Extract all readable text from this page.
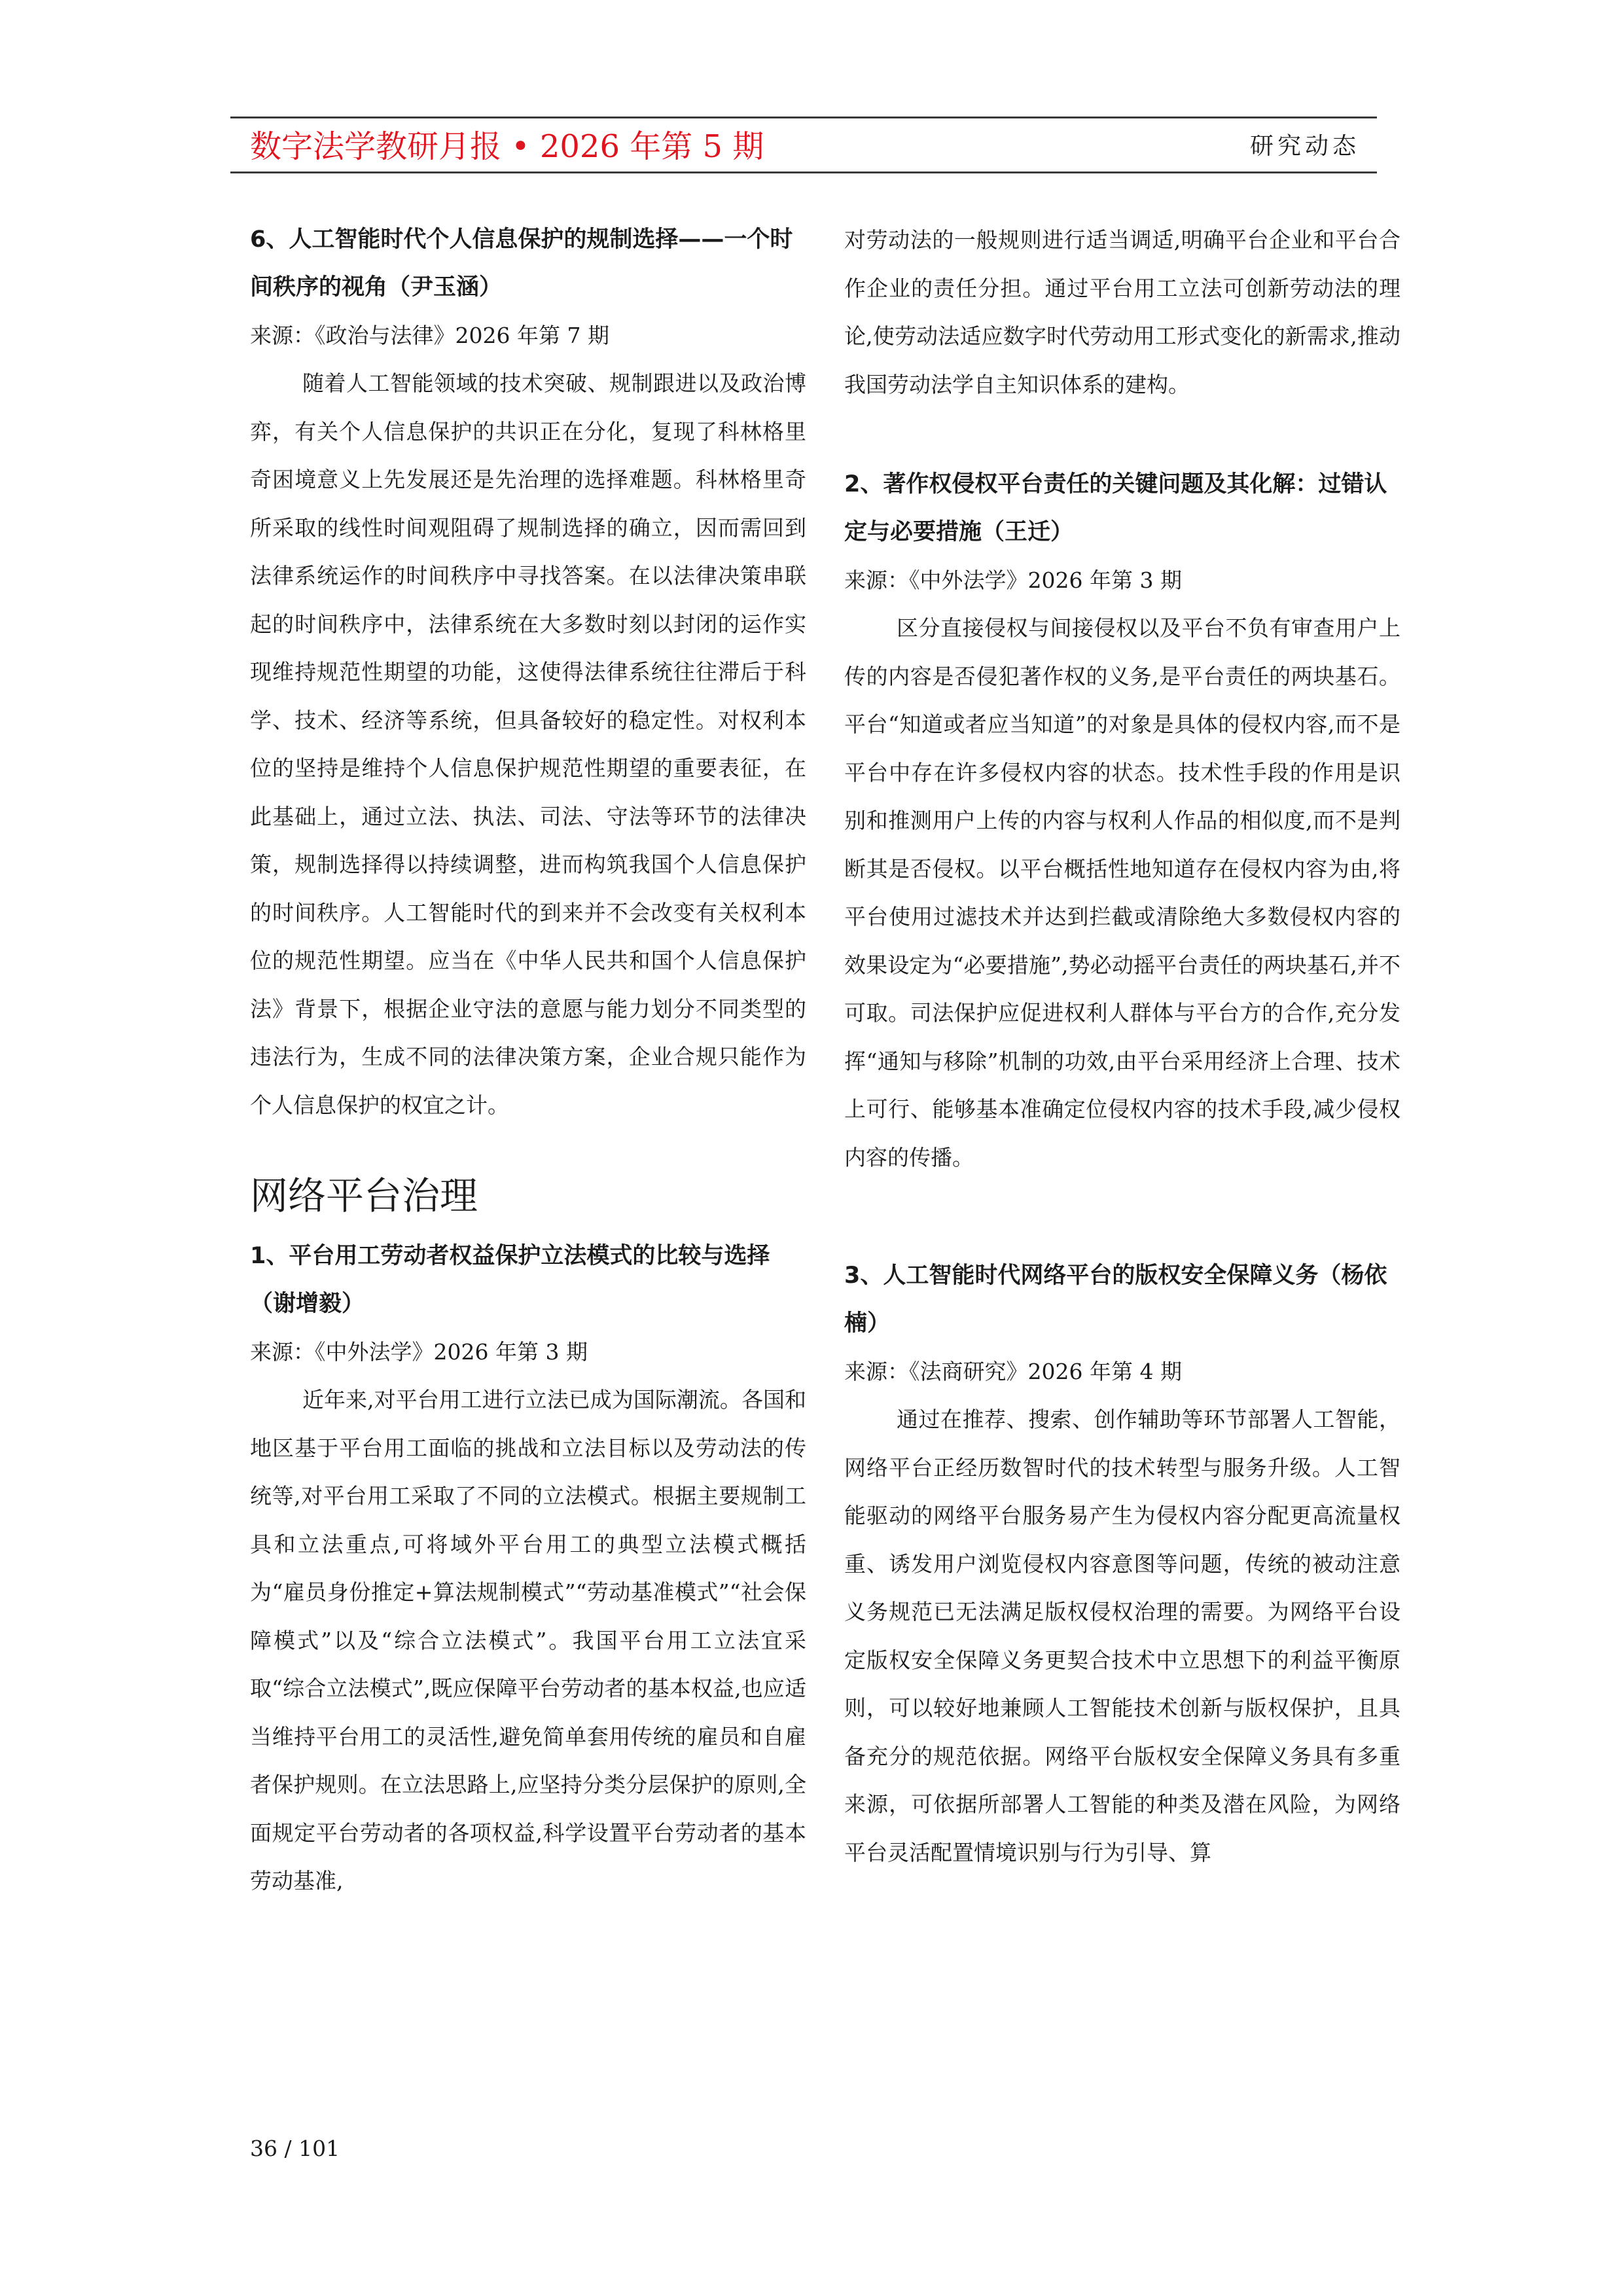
数字法学教研月报 • 2026 年第 5 期	研究动态

6、人工智能时代个人信息保护的规制选择——一个时间秩序的视角（尹玉涵）

来源：《政治与法律》2026 年第 7 期

随着人工智能领域的技术突破、规制跟进以及政治博弈，有关个人信息保护的共识正在分化，复现了科林格里奇困境意义上先发展还是先治理的选择难题。科林格里奇所采取的线性时间观阻碍了规制选择的确立，因而需回到法律系统运作的时间秩序中寻找答案。在以法律决策串联起的时间秩序中，法律系统在大多数时刻以封闭的运作实现维持规范性期望的功能，这使得法律系统往往滞后于科学、技术、经济等系统，但具备较好的稳定性。对权利本位的坚持是维持个人信息保护规范性期望的重要表征，在此基础上，通过立法、执法、司法、守法等环节的法律决策，规制选择得以持续调整，进而构筑我国个人信息保护的时间秩序。人工智能时代的到来并不会改变有关权利本位的规范性期望。应当在《中华人民共和国个人信息保护法》背景下，根据企业守法的意愿与能力划分不同类型的违法行为，生成不同的法律决策方案，企业合规只能作为个人信息保护的权宜之计。

网络平台治理

1、平台用工劳动者权益保护立法模式的比较与选择（谢增毅）

来源：《中外法学》2026 年第 3 期

近年来,对平台用工进行立法已成为国际潮流。各国和地区基于平台用工面临的挑战和立法目标以及劳动法的传统等,对平台用工采取了不同的立法模式。根据主要规制工具和立法重点,可将域外平台用工的典型立法模式概括为“雇员身份推定+算法规制模式”“劳动基准模式”“社会保障模式”以及“综合立法模式”。我国平台用工立法宜采取“综合立法模式”,既应保障平台劳动者的基本权益,也应适当维持平台用工的灵活性,避免简单套用传统的雇员和自雇者保护规则。在立法思路上,应坚持分类分层保护的原则,全面规定平台劳动者的各项权益,科学设置平台劳动者的基本劳动基准,

对劳动法的一般规则进行适当调适,明确平台企业和平台合作企业的责任分担。通过平台用工立法可创新劳动法的理论,使劳动法适应数字时代劳动用工形式变化的新需求,推动我国劳动法学自主知识体系的建构。

2、著作权侵权平台责任的关键问题及其化解：过错认定与必要措施（王迁）

来源：《中外法学》2026 年第 3 期

区分直接侵权与间接侵权以及平台不负有审查用户上传的内容是否侵犯著作权的义务,是平台责任的两块基石。平台“知道或者应当知道”的对象是具体的侵权内容,而不是平台中存在许多侵权内容的状态。技术性手段的作用是识别和推测用户上传的内容与权利人作品的相似度,而不是判断其是否侵权。以平台概括性地知道存在侵权内容为由,将平台使用过滤技术并达到拦截或清除绝大多数侵权内容的效果设定为“必要措施”,势必动摇平台责任的两块基石,并不可取。司法保护应促进权利人群体与平台方的合作,充分发挥“通知与移除”机制的功效,由平台采用经济上合理、技术上可行、能够基本准确定位侵权内容的技术手段,减少侵权内容的传播。

3、人工智能时代网络平台的版权安全保障义务（杨依楠）

来源：《法商研究》2026 年第 4 期

通过在推荐、搜索、创作辅助等环节部署人工智能，网络平台正经历数智时代的技术转型与服务升级。人工智能驱动的网络平台服务易产生为侵权内容分配更高流量权重、诱发用户浏览侵权内容意图等问题，传统的被动注意义务规范已无法满足版权侵权治理的需要。为网络平台设定版权安全保障义务更契合技术中立思想下的利益平衡原则，可以较好地兼顾人工智能技术创新与版权保护，且具备充分的规范依据。网络平台版权安全保障义务具有多重来源，可依据所部署人工智能的种类及潜在风险，为网络平台灵活配置情境识别与行为引导、算

36 / 101
